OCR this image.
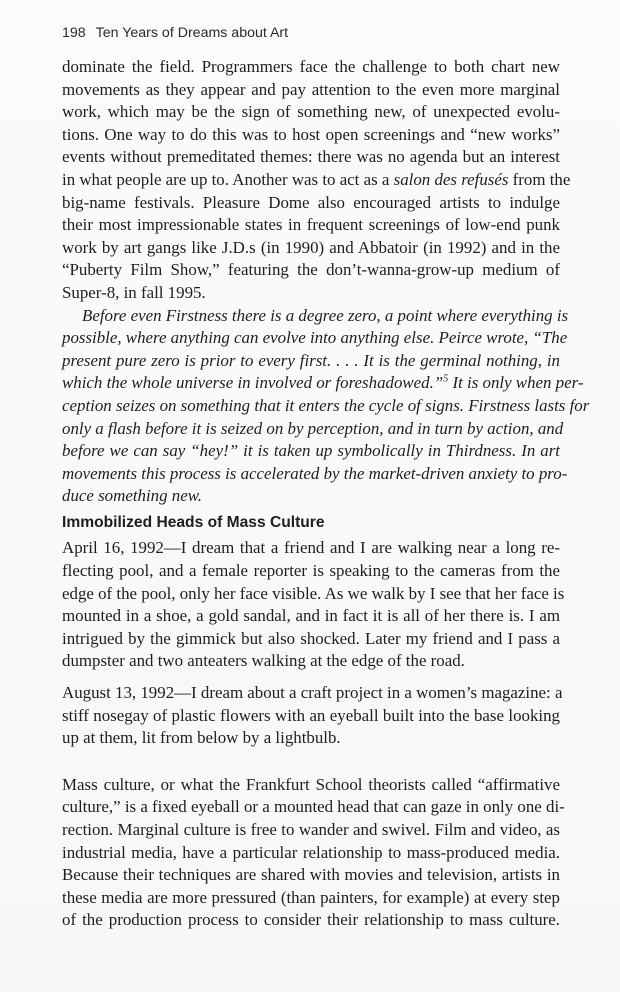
198 Ten Years of Dreams about Art
dominate the field. Programmers face the challenge to both chart new
movements as they appear and pay attention to the even more marginal
work, which may be the sign of something new, of unexpected evolu-
tions. One way to do this was to host open screenings and “new works”
events without premeditated themes: there was no agenda but an interest
in what people are up to. Another was to act as a salon des refusés from the
big-name festivals. Pleasure Dome also encouraged artists to indulge
their most impressionable states in frequent screenings of low-end punk
work by art gangs like J.D.s (in 1990) and Abbatoir (in 1992) and in the
“Puberty Film Show,” featuring the don’t-wanna-grow-up medium of
Super-8, in fall 1995.
Before even Firstness there is a degree zero, a point where everything is
possible, where anything can evolve into anything else. Peirce wrote, “The
present pure zero is prior to every first. . . . It is the germinal nothing, in
which the whole universe in involved or foreshadowed.”$^5$ It is only when per-
ception seizes on something that it enters the cycle of signs. Firstness lasts for
only a flash before it is seized on by perception, and in turn by action, and
before we can say “hey!” it is taken up symbolically in Thirdness. In art
movements this process is accelerated by the market-driven anxiety to pro-
duce something new.
Immobilized Heads of Mass Culture
April 16, 1992—I dream that a friend and I are walking near a long re-
flecting pool, and a female reporter is speaking to the cameras from the
edge of the pool, only her face visible. As we walk by I see that her face is
mounted in a shoe, a gold sandal, and in fact it is all of her there is. I am
intrigued by the gimmick but also shocked. Later my friend and I pass a
dumpster and two anteaters walking at the edge of the road.
August 13, 1992—I dream about a craft project in a women’s magazine: a
stiff nosegay of plastic flowers with an eyeball built into the base looking
up at them, lit from below by a lightbulb.
Mass culture, or what the Frankfurt School theorists called “affirmative
culture,” is a fixed eyeball or a mounted head that can gaze in only one di-
rection. Marginal culture is free to wander and swivel. Film and video, as
industrial media, have a particular relationship to mass-produced media.
Because their techniques are shared with movies and television, artists in
these media are more pressured (than painters, for example) at every step
of the production process to consider their relationship to mass culture.
